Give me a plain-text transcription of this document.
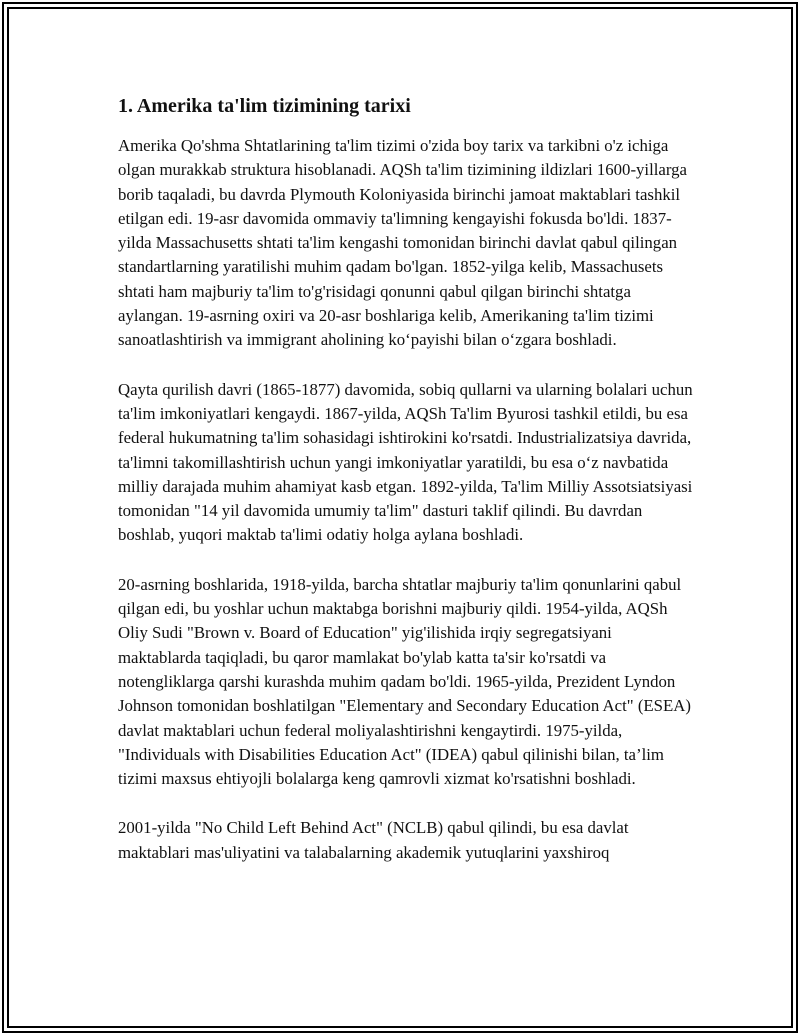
1. Amerika ta'lim tizimining tarixi

Amerika Qo'shma Shtatlarining ta'lim tizimi o'zida boy tarix va tarkibni o'z ichiga olgan murakkab struktura hisoblanadi. AQSh ta'lim tizimining ildizlari 1600-yillarga borib taqaladi, bu davrda Plymouth Koloniyasida birinchi jamoat maktablari tashkil etilgan edi. 19-asr davomida ommaviy ta'limning kengayishi fokusda bo'ldi. 1837-yilda Massachusetts shtati ta'lim kengashi tomonidan birinchi davlat qabul qilingan standartlarning yaratilishi muhim qadam bo'lgan. 1852-yilga kelib, Massachusets shtati ham majburiy ta'lim to'g'risidagi qonunni qabul qilgan birinchi shtatga aylangan. 19-asrning oxiri va 20-asr boshlariga kelib, Amerikaning ta'lim tizimi sanoatlashtirish va immigrant aholining ko‘payishi bilan o‘zgara boshladi.

Qayta qurilish davri (1865-1877) davomida, sobiq qullarni va ularning bolalari uchun ta'lim imkoniyatlari kengaydi. 1867-yilda, AQSh Ta'lim Byurosi tashkil etildi, bu esa federal hukumatning ta'lim sohasidagi ishtirokini ko'rsatdi. Industrializatsiya davrida, ta'limni takomillashtirish uchun yangi imkoniyatlar yaratildi, bu esa o‘z navbatida milliy darajada muhim ahamiyat kasb etgan. 1892-yilda, Ta'lim Milliy Assotsiatsiyasi tomonidan "14 yil davomida umumiy ta'lim" dasturi taklif qilindi. Bu davrdan boshlab, yuqori maktab ta'limi odatiy holga aylana boshladi.

20-asrning boshlarida, 1918-yilda, barcha shtatlar majburiy ta'lim qonunlarini qabul qilgan edi, bu yoshlar uchun maktabga borishni majburiy qildi. 1954-yilda, AQSh Oliy Sudi "Brown v. Board of Education" yig'ilishida irqiy segregatsiyani maktablarda taqiqladi, bu qaror mamlakat bo'ylab katta ta'sir ko'rsatdi va notengliklarga qarshi kurashda muhim qadam bo'ldi. 1965-yilda, Prezident Lyndon Johnson tomonidan boshlatilgan "Elementary and Secondary Education Act" (ESEA) davlat maktablari uchun federal moliyalashtirishni kengaytirdi. 1975-yilda, "Individuals with Disabilities Education Act" (IDEA) qabul qilinishi bilan, ta’lim tizimi maxsus ehtiyojli bolalarga keng qamrovli xizmat ko'rsatishni boshladi.

2001-yilda "No Child Left Behind Act" (NCLB) qabul qilindi, bu esa davlat maktablari mas'uliyatini va talabalarning akademik yutuqlarini yaxshiroq
